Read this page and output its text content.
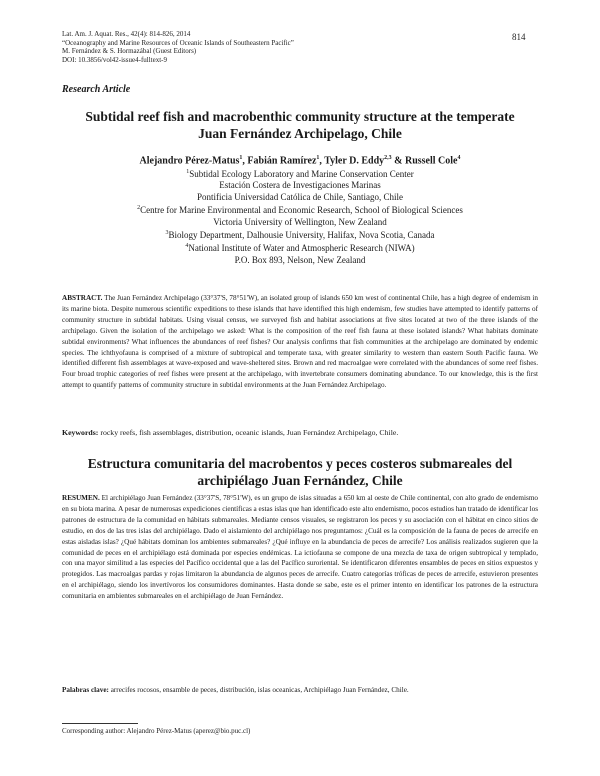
Lat. Am. J. Aquat. Res., 42(4): 814-826, 2014
“Oceanography and Marine Resources of Oceanic Islands of Southeastern Pacific”
M. Fernández & S. Hormazábal (Guest Editors)
DOI: 10.3856/vol42-issue4-fulltext-9
814
Research Article
Subtidal reef fish and macrobenthic community structure at the temperate
Juan Fernández Archipelago, Chile
Alejandro Pérez-Matus$^1$, Fabián Ramírez$^1$, Tyler D. Eddy$^{2,3}$ & Russell Cole$^4$
$^1$Subtidal Ecology Laboratory and Marine Conservation Center
Estación Costera de Investigaciones Marinas
Pontificia Universidad Católica de Chile, Santiago, Chile
$^2$Centre for Marine Environmental and Economic Research, School of Biological Sciences
Victoria University of Wellington, New Zealand
$^3$Biology Department, Dalhousie University, Halifax, Nova Scotia, Canada
$^4$National Institute of Water and Atmospheric Research (NIWA)
P.O. Box 893, Nelson, New Zealand
ABSTRACT. The Juan Fernández Archipelago (33°37'S, 78°51'W), an isolated group of islands 650 km west of continental Chile, has a high degree of endemism in its marine biota. Despite numerous scientific expeditions to these islands that have identified this high endemism, few studies have attempted to identify patterns of community structure in subtidal habitats. Using visual census, we surveyed fish and habitat associations at five sites located at two of the three islands of the archipelago. Given the isolation of the archipelago we asked: What is the composition of the reef fish fauna at these isolated islands? What habitats dominate subtidal environments? What influences the abundances of reef fishes? Our analysis confirms that fish communities at the archipelago are dominated by endemic species. The ichthyofauna is comprised of a mixture of subtropical and temperate taxa, with greater similarity to western than eastern South Pacific fauna. We identified different fish assemblages at wave-exposed and wave-sheltered sites. Brown and red macroalgae were correlated with the abundances of some reef fishes. Four broad trophic categories of reef fishes were present at the archipelago, with invertebrate consumers dominating abundance. To our knowledge, this is the first attempt to quantify patterns of community structure in subtidal environments at the Juan Fernández Archipelago.
Keywords: rocky reefs, fish assemblages, distribution, oceanic islands, Juan Fernández Archipelago, Chile.
Estructura comunitaria del macrobentos y peces costeros submareales del
archipiélago Juan Fernández, Chile
RESUMEN. El archipiélago Juan Fernández (33°37'S, 78°51'W), es un grupo de islas situadas a 650 km al oeste de Chile continental, con alto grado de endemismo en su biota marina. A pesar de numerosas expediciones científicas a estas islas que han identificado este alto endemismo, pocos estudios han tratado de identificar los patrones de estructura de la comunidad en hábitats submareales. Mediante censos visuales, se registraron los peces y su asociación con el hábitat en cinco sitios de estudio, en dos de las tres islas del archipiélago. Dado el aislamiento del archipiélago nos preguntamos: ¿Cuál es la composición de la fauna de peces de arrecife en estas aisladas islas? ¿Qué hábitats dominan los ambientes submareales? ¿Qué influye en la abundancia de peces de arrecife? Los análisis realizados sugieren que la comunidad de peces en el archipiélago está dominada por especies endémicas. La ictiofauna se compone de una mezcla de taxa de origen subtropical y templado, con una mayor similitud a las especies del Pacífico occidental que a las del Pacífico suroriental. Se identificaron diferentes ensambles de peces en sitios expuestos y protegidos. Las macroalgas pardas y rojas limitaron la abundancia de algunos peces de arrecife. Cuatro categorías tróficas de peces de arrecife, estuvieron presentes en el archipiélago, siendo los invertívoros los consumidores dominantes. Hasta donde se sabe, este es el primer intento en identificar los patrones de la estructura comunitaria en ambientes submareales en el archipiélago de Juan Fernández.
Palabras clave: arrecifes rocosos, ensamble de peces, distribución, islas oceanicas, Archipiélago Juan Fernández, Chile.
Corresponding author: Alejandro Pérez-Matus (aperez@bio.puc.cl)
